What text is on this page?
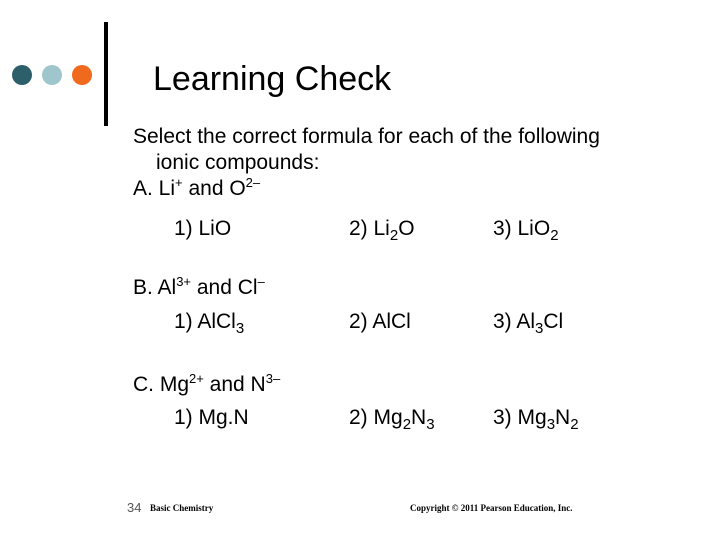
Learning Check
Select the correct formula for each of the following
ionic compounds:
A. Li+ and $O^{2-}$
1) LiO	2) $Li_2O$	3) LiO$_2$
B. $Al^{3+}$ and Cl–
1) AlCl$_3$	2) AlCl	3) $Al_3Cl$
C. $Mg^{2+}$ and $N^{3-}$
1) Mg.N	2) $Mg_2N_3$	3) $Mg_3N_2$
34 Basic Chemistry	Copyright © 2011 Pearson Education, Inc.
